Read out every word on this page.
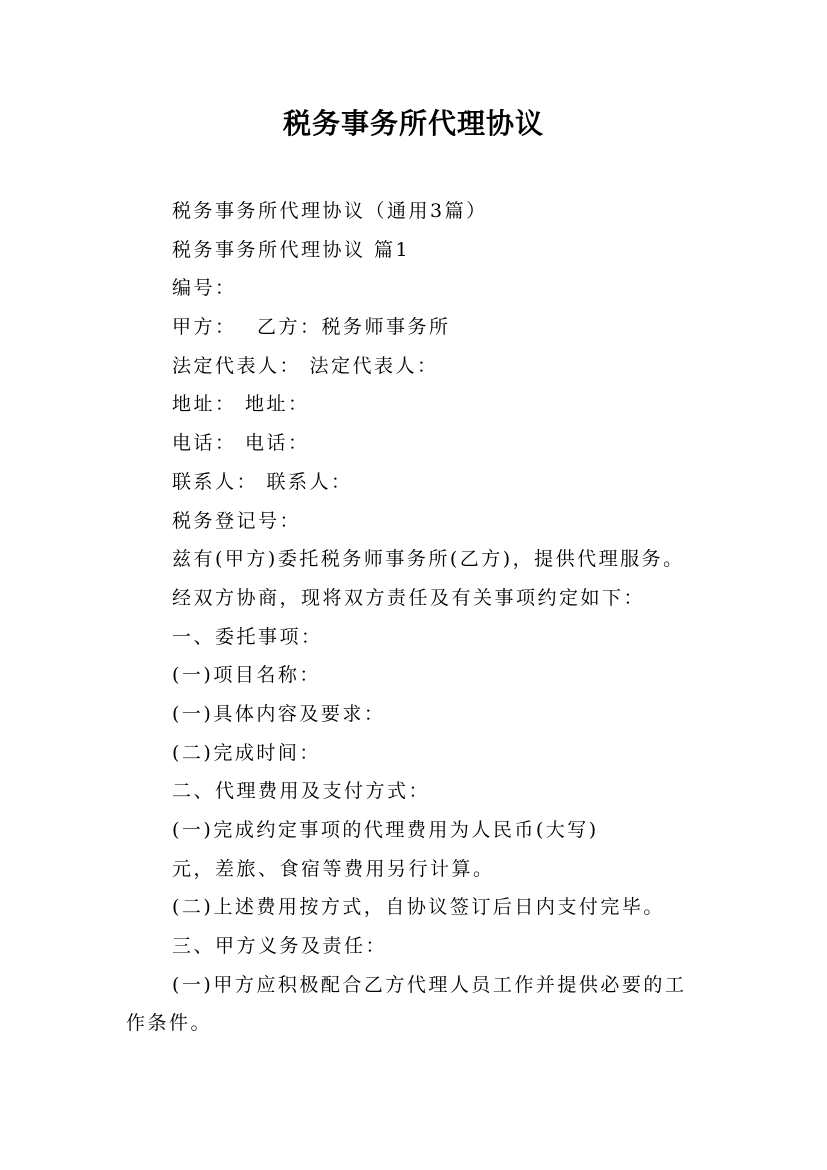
税务事务所代理协议
税务事务所代理协议（通用3篇）
税务事务所代理协议 篇1
编号：
甲方：　 乙方：税务师事务所
法定代表人： 法定代表人：
地址： 地址：
电话： 电话：
联系人： 联系人：
税务登记号：
兹有(甲方)委托税务师事务所(乙方)，提供代理服务。
经双方协商，现将双方责任及有关事项约定如下：
一、委托事项：
(一)项目名称：
(一)具体内容及要求：
(二)完成时间：
二、代理费用及支付方式：
(一)完成约定事项的代理费用为人民币(大写)
元，差旅、食宿等费用另行计算。
(二)上述费用按方式，自协议签订后日内支付完毕。
三、甲方义务及责任：
(一)甲方应积极配合乙方代理人员工作并提供必要的工
作条件。
